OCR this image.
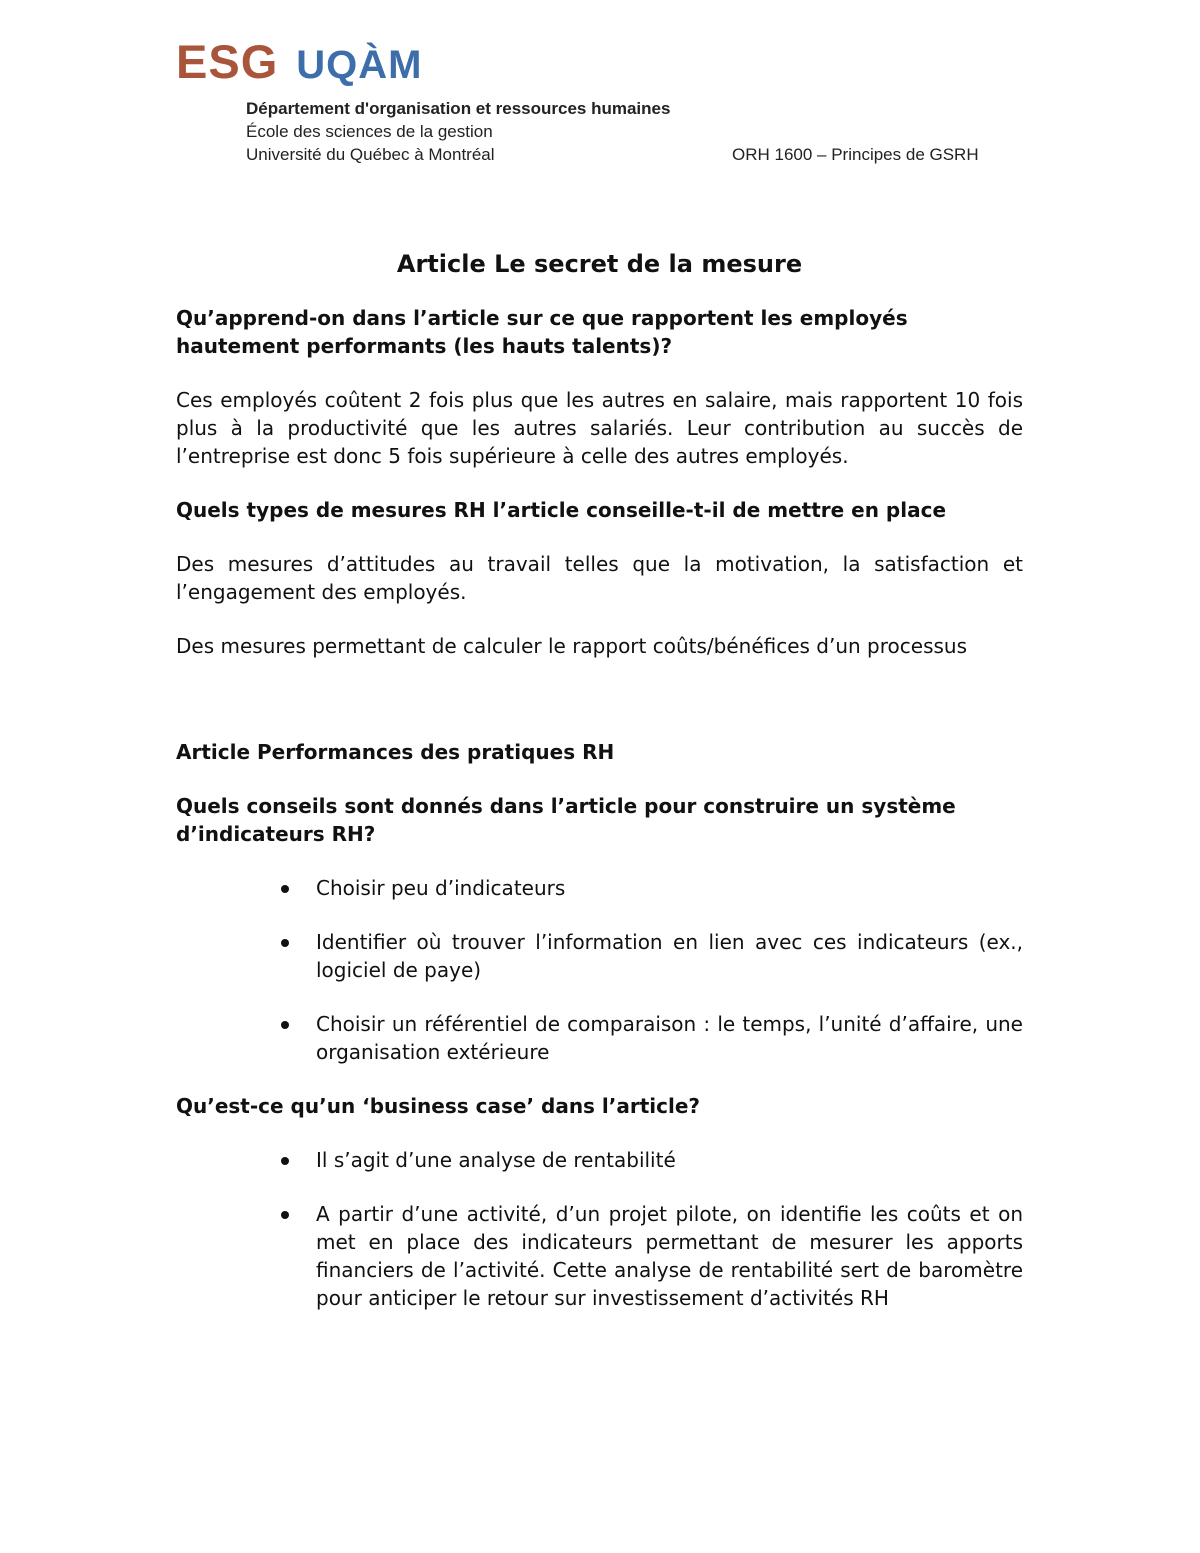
ESG UQÀM
Département d'organisation et ressources humaines
École des sciences de la gestion
Université du Québec à Montréal	ORH 1600 – Principes de GSRH
Article Le secret de la mesure
Qu’apprend-on dans l’article sur ce que rapportent les employés hautement performants (les hauts talents)?
Ces employés coûtent 2 fois plus que les autres en salaire, mais rapportent 10 fois plus à la productivité que les autres salariés. Leur contribution au succès de l’entreprise est donc 5 fois supérieure à celle des autres employés.
Quels types de mesures RH l’article conseille-t-il de mettre en place
Des mesures d’attitudes au travail telles que la motivation, la satisfaction et l’engagement des employés.
Des mesures permettant de calculer le rapport coûts/bénéfices d’un processus
Article Performances des pratiques RH
Quels conseils sont donnés dans l’article pour construire un système d’indicateurs RH?
Choisir peu d’indicateurs
Identifier où trouver l’information en lien avec ces indicateurs (ex., logiciel de paye)
Choisir un référentiel de comparaison : le temps, l’unité d’affaire, une organisation extérieure
Qu’est-ce qu’un ‘business case’ dans l’article?
Il s’agit d’une analyse de rentabilité
A partir d’une activité, d’un projet pilote, on identifie les coûts et on met en place des indicateurs permettant de mesurer les apports financiers de l’activité. Cette analyse de rentabilité sert de baromètre pour anticiper le retour sur investissement d’activités RH
